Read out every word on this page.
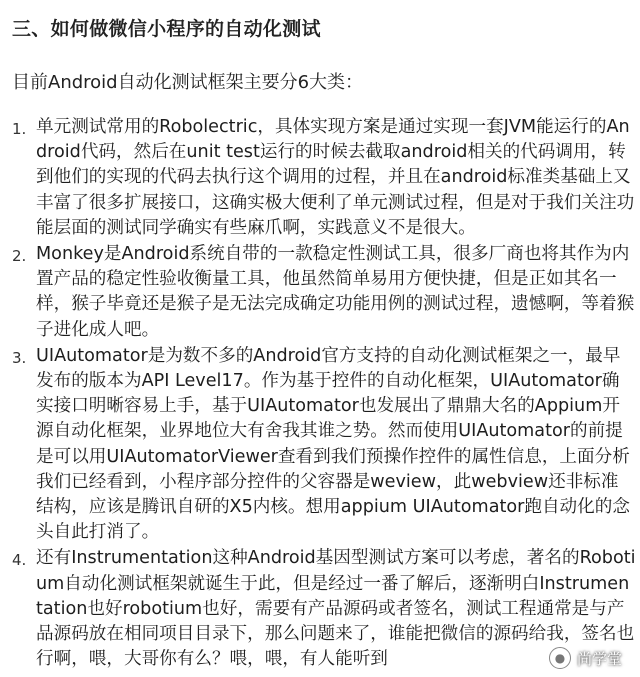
三、如何做微信小程序的自动化测试
目前Android自动化测试框架主要分6大类：
1. 单元测试常用的Robolectric，具体实现方案是通过实现一套JVM能运行的Android代码，然后在unit test运行的时候去截取android相关的代码调用，转到他们的实现的代码去执行这个调用的过程，并且在android标准类基础上又丰富了很多扩展接口，这确实极大便利了单元测试过程，但是对于我们关注功能层面的测试同学确实有些麻爪啊，实践意义不是很大。
2. Monkey是Android系统自带的一款稳定性测试工具，很多厂商也将其作为内置产品的稳定性验收衡量工具，他虽然简单易用方便快捷，但是正如其名一样，猴子毕竟还是猴子是无法完成确定功能用例的测试过程，遗憾啊，等着猴子进化成人吧。
3. UIAutomator是为数不多的Android官方支持的自动化测试框架之一，最早发布的版本为API Level17。作为基于控件的自动化框架，UIAutomator确实接口明晰容易上手，基于UIAutomator也发展出了鼎鼎大名的Appium开源自动化框架，业界地位大有舍我其谁之势。然而使用UIAutomator的前提是可以用UIAutomatorViewer查看到我们预操作控件的属性信息，上面分析我们已经看到，小程序部分控件的父容器是weview，此webview还非标准结构，应该是腾讯自研的X5内核。想用appium UIAutomator跑自动化的念头自此打消了。
4. 还有Instrumentation这种Android基因型测试方案可以考虑，著名的Robotium自动化测试框架就诞生于此，但是经过一番了解后，逐渐明白Instrumentation也好robotium也好，需要有产品源码或者签名，测试工程通常是与产品源码放在相同项目目录下，那么问题来了，谁能把微信的源码给我，签名也行啊，喂，大哥你有么？喂，喂，有人能听到	● 尚学堂
